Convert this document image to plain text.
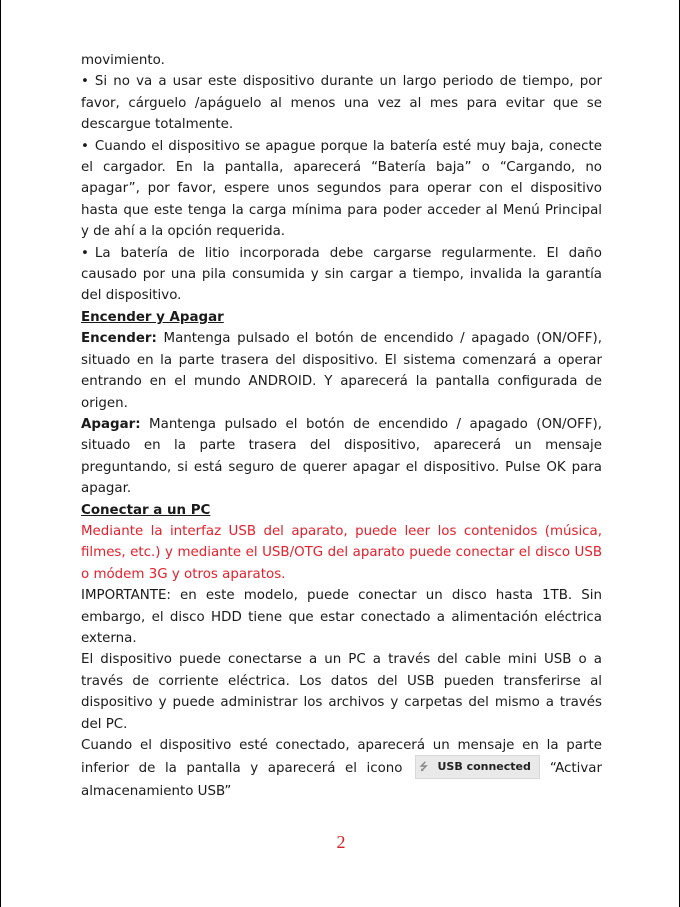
movimiento.

• Si no va a usar este dispositivo durante un largo periodo de tiempo, por favor, cárguelo /apáguelo al menos una vez al mes para evitar que se descargue totalmente.

• Cuando el dispositivo se apague porque la batería esté muy baja, conecte el cargador. En la pantalla, aparecerá “Batería baja” o “Cargando, no apagar”, por favor, espere unos segundos para operar con el dispositivo hasta que este tenga la carga mínima para poder acceder al Menú Principal y de ahí a la opción requerida.

• La batería de litio incorporada debe cargarse regularmente. El daño causado por una pila consumida y sin cargar a tiempo, invalida la garantía del dispositivo.

Encender y Apagar

Encender: Mantenga pulsado el botón de encendido / apagado (ON/OFF), situado en la parte trasera del dispositivo. El sistema comenzará a operar entrando en el mundo ANDROID. Y aparecerá la pantalla configurada de origen.

Apagar: Mantenga pulsado el botón de encendido / apagado (ON/OFF), situado en la parte trasera del dispositivo, aparecerá un mensaje preguntando, si está seguro de querer apagar el dispositivo. Pulse OK para apagar.

Conectar a un PC

Mediante la interfaz USB del aparato, puede leer los contenidos (música, filmes, etc.) y mediante el USB/OTG del aparato puede conectar el disco USB o módem 3G y otros aparatos.

IMPORTANTE: en este modelo, puede conectar un disco hasta 1TB. Sin embargo, el disco HDD tiene que estar conectado a alimentación eléctrica externa.

El dispositivo puede conectarse a un PC a través del cable mini USB o a través de corriente eléctrica. Los datos del USB pueden transferirse al dispositivo y puede administrar los archivos y carpetas del mismo a través del PC.

Cuando el dispositivo esté conectado, aparecerá un mensaje en la parte

inferior de la pantalla y aparecerá el icono	⭍ USB connected	“Activar

almacenamiento USB”

2
